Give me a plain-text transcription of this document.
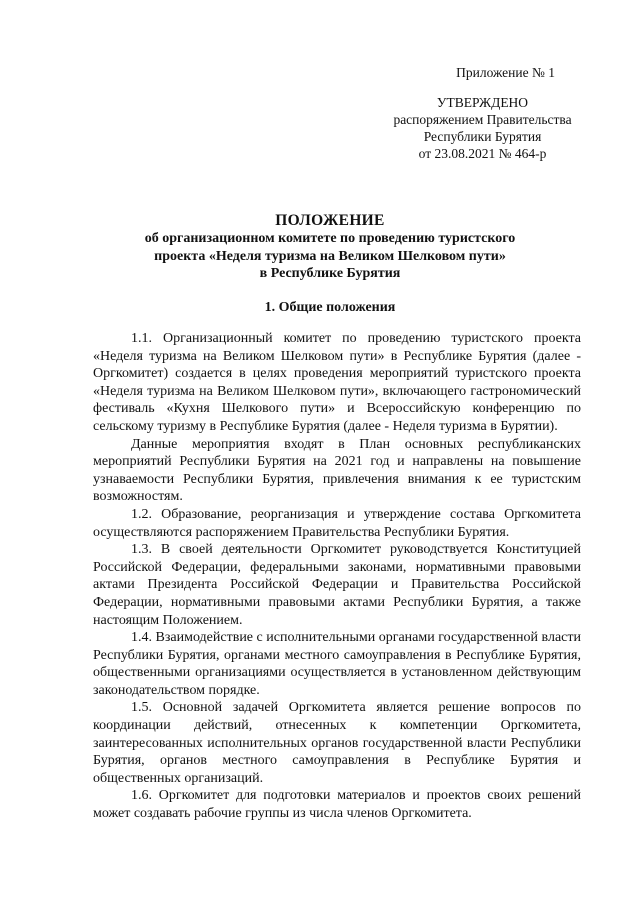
Приложение № 1
УТВЕРЖДЕНО
распоряжением Правительства
Республики Бурятия
от 23.08.2021 № 464-р
ПОЛОЖЕНИЕ
об организационном комитете по проведению туристского
проекта «Неделя туризма на Великом Шелковом пути»
в Республике Бурятия
1. Общие положения

1.1. Организационный комитет по проведению туристского проекта «Неделя туризма на Великом Шелковом пути» в Республике Бурятия (далее - Оргкомитет) создается в целях проведения мероприятий туристского проекта «Неделя туризма на Великом Шелковом пути», включающего гастрономический фестиваль «Кухня Шелкового пути» и Всероссийскую конференцию по сельскому туризму в Республике Бурятия (далее - Неделя туризма в Бурятии).

Данные мероприятия входят в План основных республиканских мероприятий Республики Бурятия на 2021 год и направлены на повышение узнаваемости Республики Бурятия, привлечения внимания к ее туристским возможностям.

1.2. Образование, реорганизация и утверждение состава Оргкомитета осуществляются распоряжением Правительства Республики Бурятия.

1.3. В своей деятельности Оргкомитет руководствуется Конституцией Российской Федерации, федеральными законами, нормативными правовыми актами Президента Российской Федерации и Правительства Российской Федерации, нормативными правовыми актами Республики Бурятия, а также настоящим Положением.

1.4. Взаимодействие с исполнительными органами государственной власти Республики Бурятия, органами местного самоуправления в Республике Бурятия, общественными организациями осуществляется в установленном действующим законодательством порядке.

1.5. Основной задачей Оргкомитета является решение вопросов по координации действий, отнесенных к компетенции Оргкомитета, заинтересованных исполнительных органов государственной власти Республики Бурятия, органов местного самоуправления в Республике Бурятия и общественных организаций.

1.6. Оргкомитет для подготовки материалов и проектов своих решений может создавать рабочие группы из числа членов Оргкомитета.
